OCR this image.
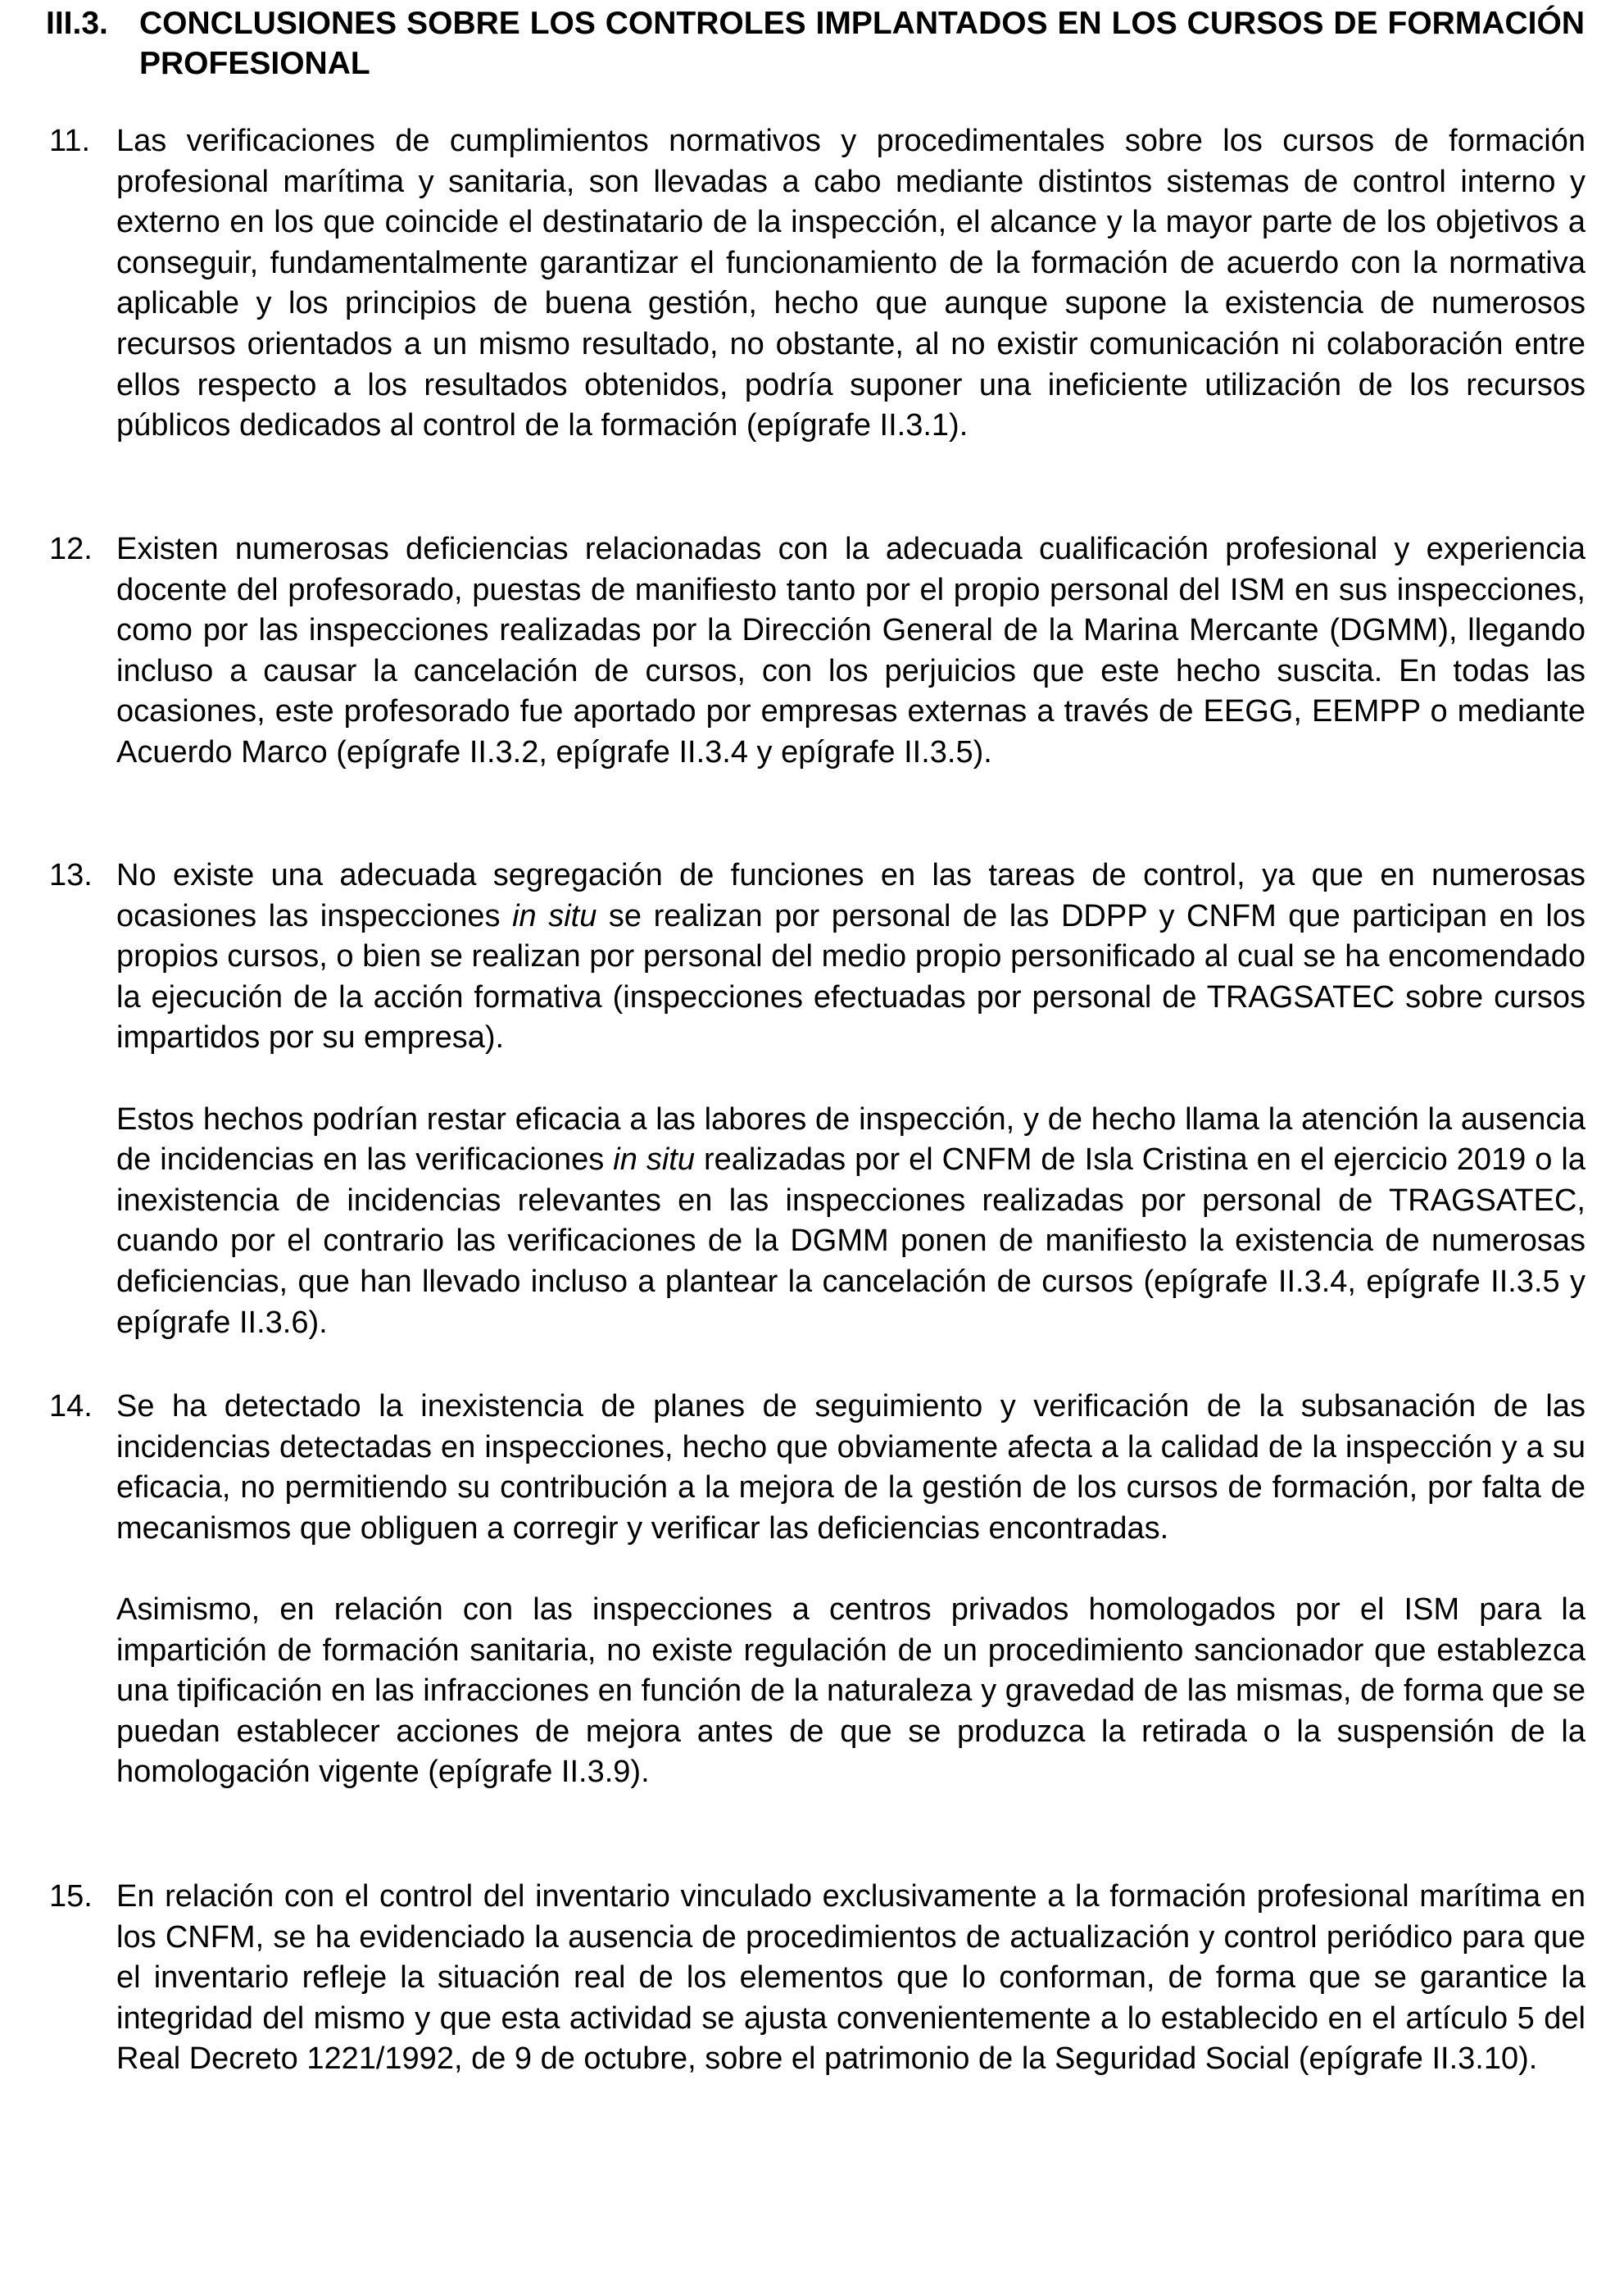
III.3. CONCLUSIONES SOBRE LOS CONTROLES IMPLANTADOS EN LOS CURSOS DE FORMACIÓN PROFESIONAL
11. Las verificaciones de cumplimientos normativos y procedimentales sobre los cursos de formación profesional marítima y sanitaria, son llevadas a cabo mediante distintos sistemas de control interno y externo en los que coincide el destinatario de la inspección, el alcance y la mayor parte de los objetivos a conseguir, fundamentalmente garantizar el funcionamiento de la formación de acuerdo con la normativa aplicable y los principios de buena gestión, hecho que aunque supone la existencia de numerosos recursos orientados a un mismo resultado, no obstante, al no existir comunicación ni colaboración entre ellos respecto a los resultados obtenidos, podría suponer una ineficiente utilización de los recursos públicos dedicados al control de la formación (epígrafe II.3.1).

12. Existen numerosas deficiencias relacionadas con la adecuada cualificación profesional y experiencia docente del profesorado, puestas de manifiesto tanto por el propio personal del ISM en sus inspecciones, como por las inspecciones realizadas por la Dirección General de la Marina Mercante (DGMM), llegando incluso a causar la cancelación de cursos, con los perjuicios que este hecho suscita. En todas las ocasiones, este profesorado fue aportado por empresas externas a través de EEGG, EEMPP o mediante Acuerdo Marco (epígrafe II.3.2, epígrafe II.3.4 y epígrafe II.3.5).

13. No existe una adecuada segregación de funciones en las tareas de control, ya que en numerosas ocasiones las inspecciones in situ se realizan por personal de las DDPP y CNFM que participan en los propios cursos, o bien se realizan por personal del medio propio personificado al cual se ha encomendado la ejecución de la acción formativa (inspecciones efectuadas por personal de TRAGSATEC sobre cursos impartidos por su empresa).

Estos hechos podrían restar eficacia a las labores de inspección, y de hecho llama la atención la ausencia de incidencias en las verificaciones in situ realizadas por el CNFM de Isla Cristina en el ejercicio 2019 o la inexistencia de incidencias relevantes en las inspecciones realizadas por personal de TRAGSATEC, cuando por el contrario las verificaciones de la DGMM ponen de manifiesto la existencia de numerosas deficiencias, que han llevado incluso a plantear la cancelación de cursos (epígrafe II.3.4, epígrafe II.3.5 y epígrafe II.3.6).

14. Se ha detectado la inexistencia de planes de seguimiento y verificación de la subsanación de las incidencias detectadas en inspecciones, hecho que obviamente afecta a la calidad de la inspección y a su eficacia, no permitiendo su contribución a la mejora de la gestión de los cursos de formación, por falta de mecanismos que obliguen a corregir y verificar las deficiencias encontradas.

Asimismo, en relación con las inspecciones a centros privados homologados por el ISM para la impartición de formación sanitaria, no existe regulación de un procedimiento sancionador que establezca una tipificación en las infracciones en función de la naturaleza y gravedad de las mismas, de forma que se puedan establecer acciones de mejora antes de que se produzca la retirada o la suspensión de la homologación vigente (epígrafe II.3.9).

15. En relación con el control del inventario vinculado exclusivamente a la formación profesional marítima en los CNFM, se ha evidenciado la ausencia de procedimientos de actualización y control periódico para que el inventario refleje la situación real de los elementos que lo conforman, de forma que se garantice la integridad del mismo y que esta actividad se ajusta convenientemente a lo establecido en el artículo 5 del Real Decreto 1221/1992, de 9 de octubre, sobre el patrimonio de la Seguridad Social (epígrafe II.3.10).
